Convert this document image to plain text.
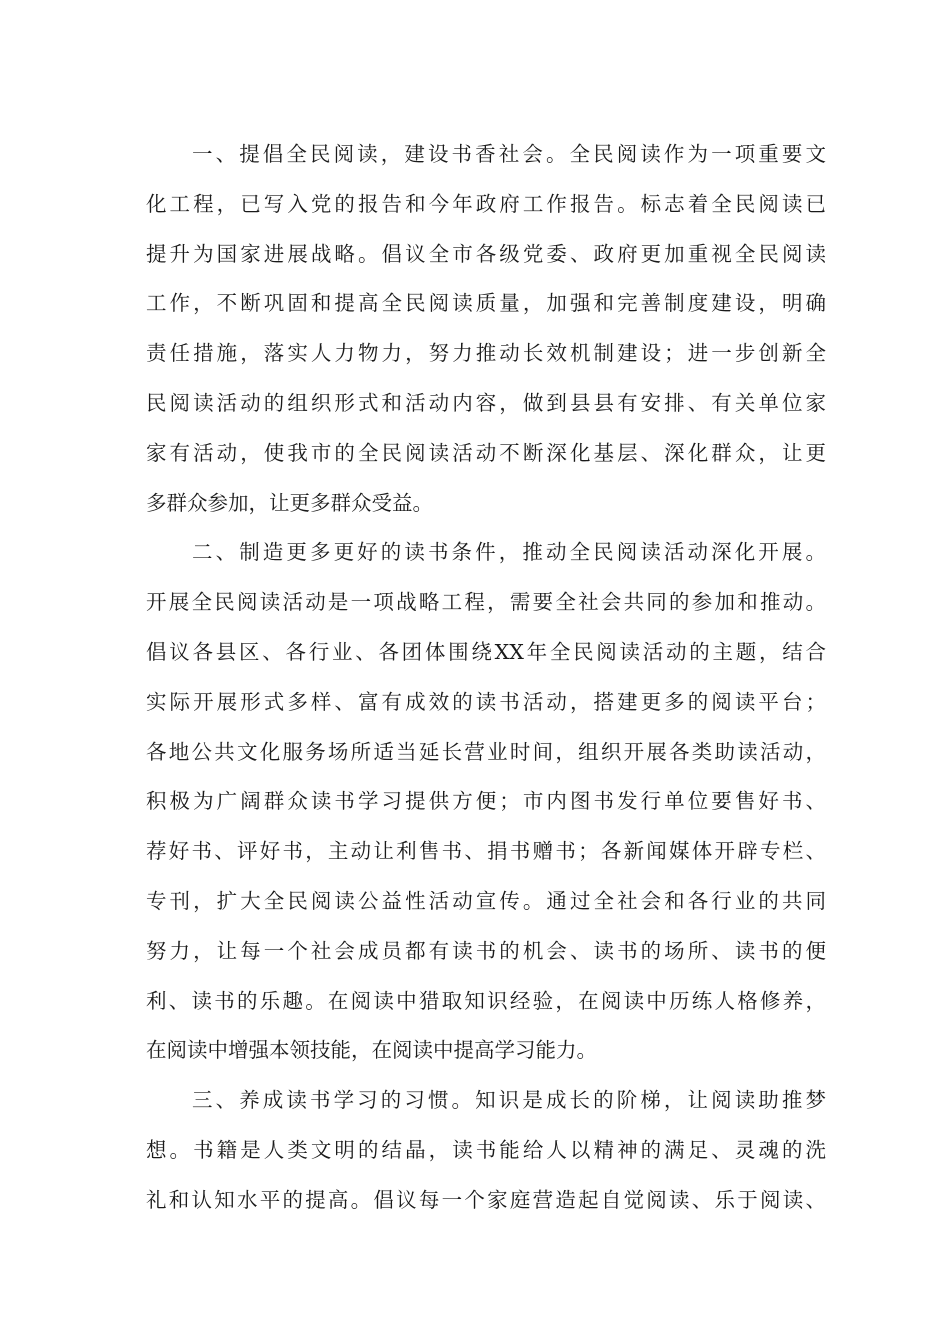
一、提倡全民阅读，建设书香社会。全民阅读作为一项重要文
化工程，已写入党的报告和今年政府工作报告。标志着全民阅读已
提升为国家进展战略。倡议全市各级党委、政府更加重视全民阅读
工作，不断巩固和提高全民阅读质量，加强和完善制度建设，明确
责任措施，落实人力物力，努力推动长效机制建设；进一步创新全
民阅读活动的组织形式和活动内容，做到县县有安排、有关单位家
家有活动，使我市的全民阅读活动不断深化基层、深化群众，让更
多群众参加，让更多群众受益。
二、制造更多更好的读书条件，推动全民阅读活动深化开展。
开展全民阅读活动是一项战略工程，需要全社会共同的参加和推动。
倡议各县区、各行业、各团体围绕XX年全民阅读活动的主题，结合
实际开展形式多样、富有成效的读书活动，搭建更多的阅读平台；
各地公共文化服务场所适当延长营业时间，组织开展各类助读活动，
积极为广阔群众读书学习提供方便；市内图书发行单位要售好书、
荐好书、评好书，主动让利售书、捐书赠书；各新闻媒体开辟专栏、
专刊，扩大全民阅读公益性活动宣传。通过全社会和各行业的共同
努力，让每一个社会成员都有读书的机会、读书的场所、读书的便
利、读书的乐趣。在阅读中猎取知识经验，在阅读中历练人格修养，
在阅读中增强本领技能，在阅读中提高学习能力。
三、养成读书学习的习惯。知识是成长的阶梯，让阅读助推梦
想。书籍是人类文明的结晶，读书能给人以精神的满足、灵魂的洗
礼和认知水平的提高。倡议每一个家庭营造起自觉阅读、乐于阅读、
